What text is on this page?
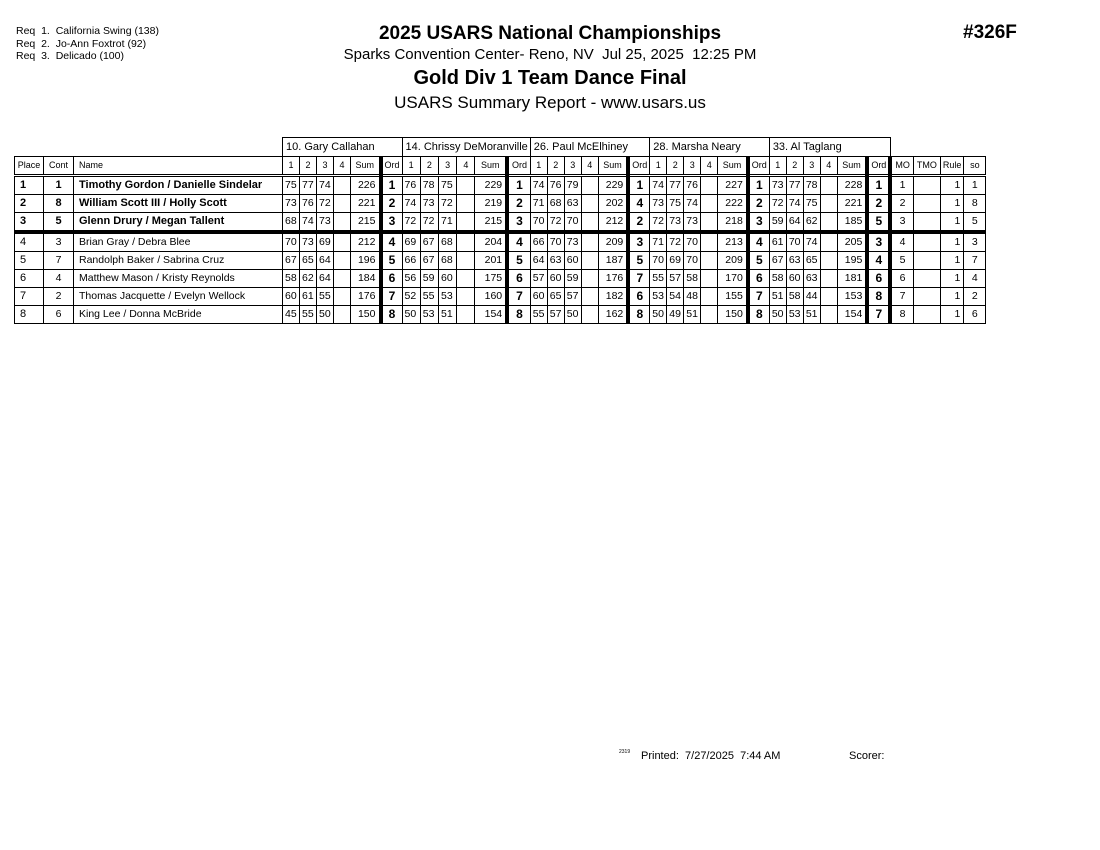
Req  1.  California Swing (138)
Req  2.  Jo-Ann Foxtrot (92)
Req  3.  Delicado (100)
2025 USARS National Championships
Sparks Convention Center- Reno, NV  Jul 25, 2025  12:25 PM
Gold Div 1 Team Dance Final
USARS Summary Report - www.usars.us
#326F
			10. Gary Callahan						14. Chrissy DeMoranville						26. Paul McElhiney						28. Marsha Neary						33. Al Taglang									
Place	Cont	Name	1	2	3	4	Sum	Ord	1	2	3	4	Sum	Ord	1	2	3	4	Sum	Ord	1	2	3	4	Sum	Ord	1	2	3	4	Sum	Ord	MO	TMO	Rule	so
1	1	Timothy Gordon / Danielle Sindelar	75	77	74		226	1	76	78	75		229	1	74	76	79		229	1	74	77	76		227	1	73	77	78		228	1	1		1	1
2	8	William Scott III / Holly Scott	73	76	72		221	2	74	73	72		219	2	71	68	63		202	4	73	75	74		222	2	72	74	75		221	2	2		1	8
3	5	Glenn Drury / Megan Tallent	68	74	73		215	3	72	72	71		215	3	70	72	70		212	2	72	73	73		218	3	59	64	62		185	5	3		1	5
4	3	Brian Gray / Debra Blee	70	73	69		212	4	69	67	68		204	4	66	70	73		209	3	71	72	70		213	4	61	70	74		205	3	4		1	3
5	7	Randolph Baker / Sabrina Cruz	67	65	64		196	5	66	67	68		201	5	64	63	60		187	5	70	69	70		209	5	67	63	65		195	4	5		1	7
6	4	Matthew Mason / Kristy Reynolds	58	62	64		184	6	56	59	60		175	6	57	60	59		176	7	55	57	58		170	6	58	60	63		181	6	6		1	4
7	2	Thomas Jacquette / Evelyn Wellock	60	61	55		176	7	52	55	53		160	7	60	65	57		182	6	53	54	48		155	7	51	58	44		153	8	7		1	2
8	6	King Lee / Donna McBride	45	55	50		150	8	50	53	51		154	8	55	57	50		162	8	50	49	51		150	8	50	53	51		154	7	8		1	6
2319 Printed:  7/27/2025  7:44 AM	Scorer:
